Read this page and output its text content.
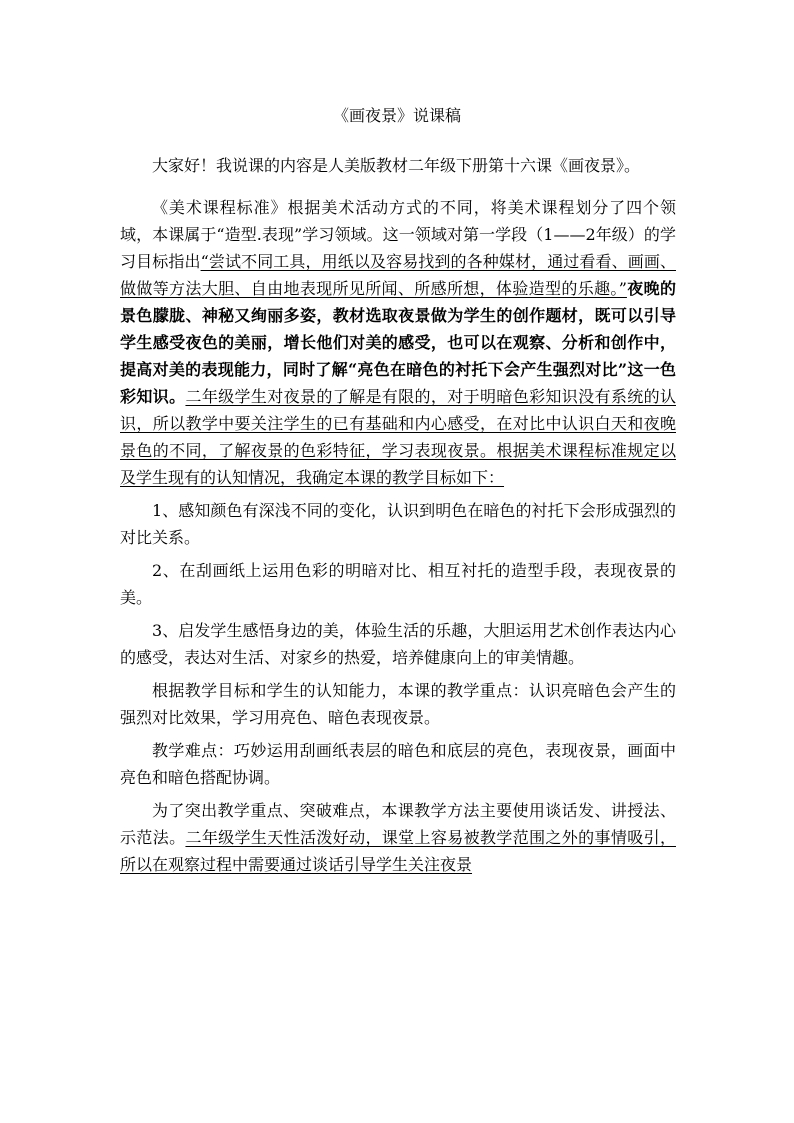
《画夜景》说课稿

大家好！我说课的内容是人美版教材二年级下册第十六课《画夜景》。

《美术课程标准》根据美术活动方式的不同，将美术课程划分了四个领域，本课属于“造型.表现”学习领域。这一领域对第一学段（1——2年级）的学习目标指出“尝试不同工具，用纸以及容易找到的各种媒材，通过看看、画画、做做等方法大胆、自由地表现所见所闻、所感所想，体验造型的乐趣。”夜晚的景色朦胧、神秘又绚丽多姿，教材选取夜景做为学生的创作题材，既可以引导学生感受夜色的美丽，增长他们对美的感受，也可以在观察、分析和创作中，提高对美的表现能力，同时了解“亮色在暗色的衬托下会产生强烈对比”这一色彩知识。二年级学生对夜景的了解是有限的，对于明暗色彩知识没有系统的认识，所以教学中要关注学生的已有基础和内心感受，在对比中认识白天和夜晚景色的不同，了解夜景的色彩特征，学习表现夜景。根据美术课程标准规定以及学生现有的认知情况，我确定本课的教学目标如下：

1、感知颜色有深浅不同的变化，认识到明色在暗色的衬托下会形成强烈的对比关系。

2、在刮画纸上运用色彩的明暗对比、相互衬托的造型手段，表现夜景的美。

3、启发学生感悟身边的美，体验生活的乐趣，大胆运用艺术创作表达内心的感受，表达对生活、对家乡的热爱，培养健康向上的审美情趣。

根据教学目标和学生的认知能力，本课的教学重点：认识亮暗色会产生的强烈对比效果，学习用亮色、暗色表现夜景。

教学难点：巧妙运用刮画纸表层的暗色和底层的亮色，表现夜景，画面中亮色和暗色搭配协调。

为了突出教学重点、突破难点，本课教学方法主要使用谈话发、讲授法、示范法。二年级学生天性活泼好动，课堂上容易被教学范围之外的事情吸引，所以在观察过程中需要通过谈话引导学生关注夜景
